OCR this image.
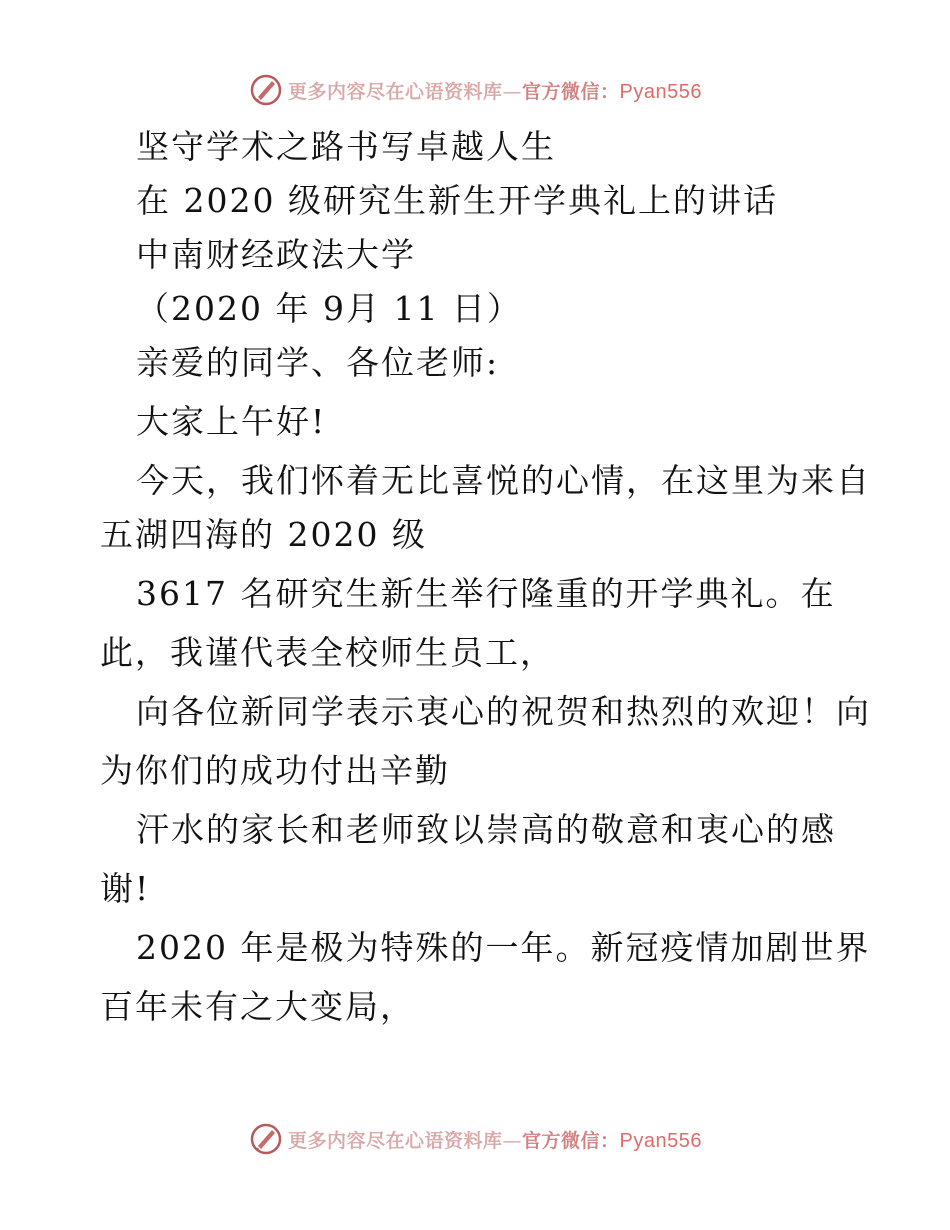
更多内容尽在心语资料库—官方微信：Pyan556
坚守学术之路书写卓越人生
在 2020 级研究生新生开学典礼上的讲话
中南财经政法大学
（2020 年 9月 11 日）
亲爱的同学、各位老师:
大家上午好!
今天，我们怀着无比喜悦的心情，在这里为来自
五湖四海的 2020 级
3617 名研究生新生举行隆重的开学典礼。在
此，我谨代表全校师生员工，
向各位新同学表示衷心的祝贺和热烈的欢迎！向
为你们的成功付出辛勤
汗水的家长和老师致以崇高的敬意和衷心的感
谢!
2020 年是极为特殊的一年。新冠疫情加剧世界
百年未有之大变局，
更多内容尽在心语资料库—官方微信：Pyan556
